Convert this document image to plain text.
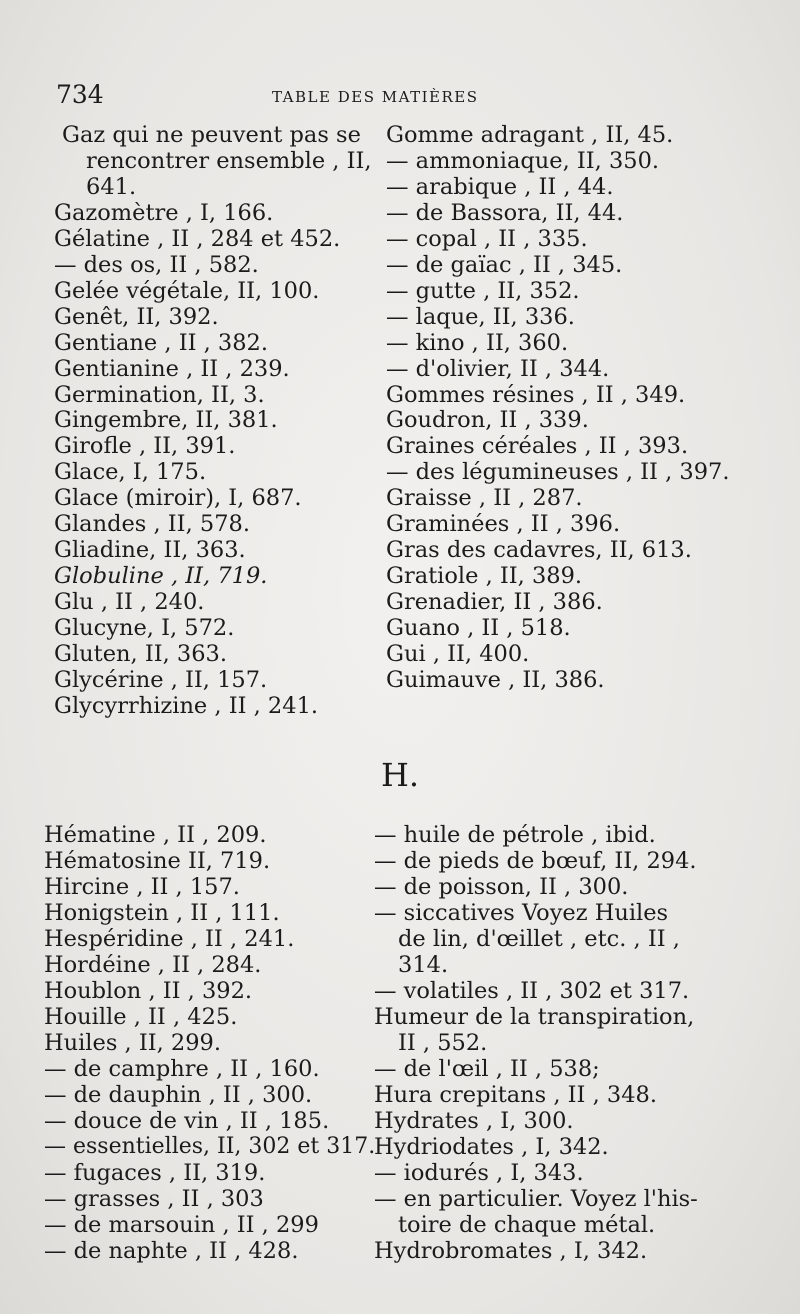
734	TABLE DES MATIÈRES
Gaz qui ne peuvent pas se
rencontrer ensemble , II,
641.
Gazomètre , I, 166.
Gélatine , II , 284 et 452.
— des os, II , 582.
Gelée végétale, II, 100.
Genêt, II, 392.
Gentiane , II , 382.
Gentianine , II , 239.
Germination, II, 3.
Gingembre, II, 381.
Girofle , II, 391.
Glace, I, 175.
Glace (miroir), I, 687.
Glandes , II, 578.
Gliadine, II, 363.
Globuline , II, 719.
Glu , II , 240.
Glucyne, I, 572.
Gluten, II, 363.
Glycérine , II, 157.
Glycyrrhizine , II , 241.
Gomme adragant , II, 45.
— ammoniaque, II, 350.
— arabique , II , 44.
— de Bassora, II, 44.
— copal , II , 335.
— de gaïac , II , 345.
— gutte , II, 352.
— laque, II, 336.
— kino , II, 360.
— d'olivier, II , 344.
Gommes résines , II , 349.
Goudron, II , 339.
Graines céréales , II , 393.
— des légumineuses , II , 397.
Graisse , II , 287.
Graminées , II , 396.
Gras des cadavres, II, 613.
Gratiole , II, 389.
Grenadier, II , 386.
Guano , II , 518.
Gui , II, 400.
Guimauve , II, 386.
H.
Hématine , II , 209.
Hématosine II, 719.
Hircine , II , 157.
Honigstein , II , 111.
Hespéridine , II , 241.
Hordéine , II , 284.
Houblon , II , 392.
Houille , II , 425.
Huiles , II, 299.
— de camphre , II , 160.
— de dauphin , II , 300.
— douce de vin , II , 185.
— essentielles, II, 302 et 317.
— fugaces , II, 319.
— grasses , II , 303
— de marsouin , II , 299
— de naphte , II , 428.
— huile de pétrole , ibid.
— de pieds de bœuf, II, 294.
— de poisson, II , 300.
— siccatives Voyez Huiles
de lin, d'œillet , etc. , II ,
314.
— volatiles , II , 302 et 317.
Humeur de la transpiration,
II , 552.
— de l'œil , II , 538;
Hura crepitans , II , 348.
Hydrates , I, 300.
Hydriodates , I, 342.
— iodurés , I, 343.
— en particulier. Voyez l'his-
toire de chaque métal.
Hydrobromates , I, 342.
